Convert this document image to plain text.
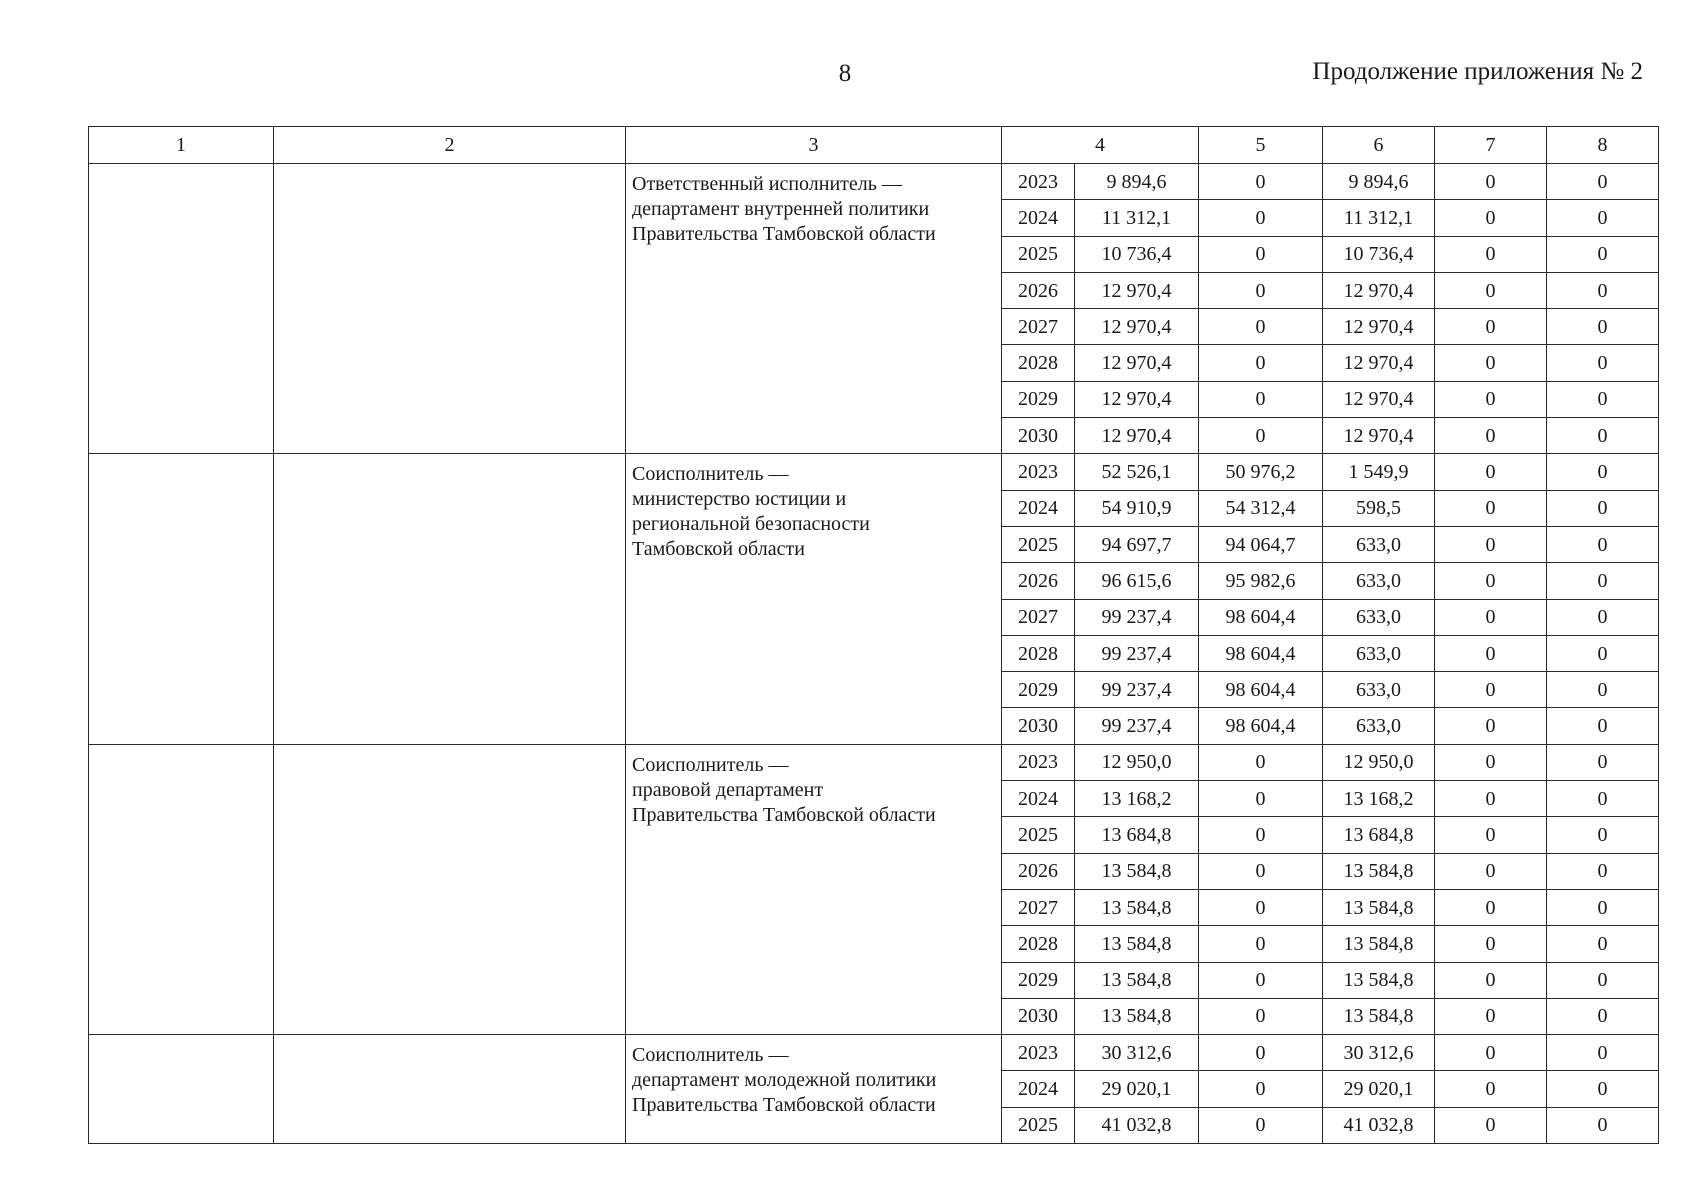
8	Продолжение приложения № 2
1	2	3	4		5	6	7	8
		Ответственный исполнитель —
департамент внутренней политики
Правительства Тамбовской области	2023	9 894,6	0	9 894,6	0	0
			2024	11 312,1	0	11 312,1	0	0
			2025	10 736,4	0	10 736,4	0	0
			2026	12 970,4	0	12 970,4	0	0
			2027	12 970,4	0	12 970,4	0	0
			2028	12 970,4	0	12 970,4	0	0
			2029	12 970,4	0	12 970,4	0	0
			2030	12 970,4	0	12 970,4	0	0
		Соисполнитель —
министерство юстиции и
региональной безопасности
Тамбовской области	2023	52 526,1	50 976,2	1 549,9	0	0
			2024	54 910,9	54 312,4	598,5	0	0
			2025	94 697,7	94 064,7	633,0	0	0
			2026	96 615,6	95 982,6	633,0	0	0
			2027	99 237,4	98 604,4	633,0	0	0
			2028	99 237,4	98 604,4	633,0	0	0
			2029	99 237,4	98 604,4	633,0	0	0
			2030	99 237,4	98 604,4	633,0	0	0
		Соисполнитель —
правовой департамент
Правительства Тамбовской области	2023	12 950,0	0	12 950,0	0	0
			2024	13 168,2	0	13 168,2	0	0
			2025	13 684,8	0	13 684,8	0	0
			2026	13 584,8	0	13 584,8	0	0
			2027	13 584,8	0	13 584,8	0	0
			2028	13 584,8	0	13 584,8	0	0
			2029	13 584,8	0	13 584,8	0	0
			2030	13 584,8	0	13 584,8	0	0
		Соисполнитель —
департамент молодежной политики
Правительства Тамбовской области	2023	30 312,6	0	30 312,6	0	0
			2024	29 020,1	0	29 020,1	0	0
			2025	41 032,8	0	41 032,8	0	0
